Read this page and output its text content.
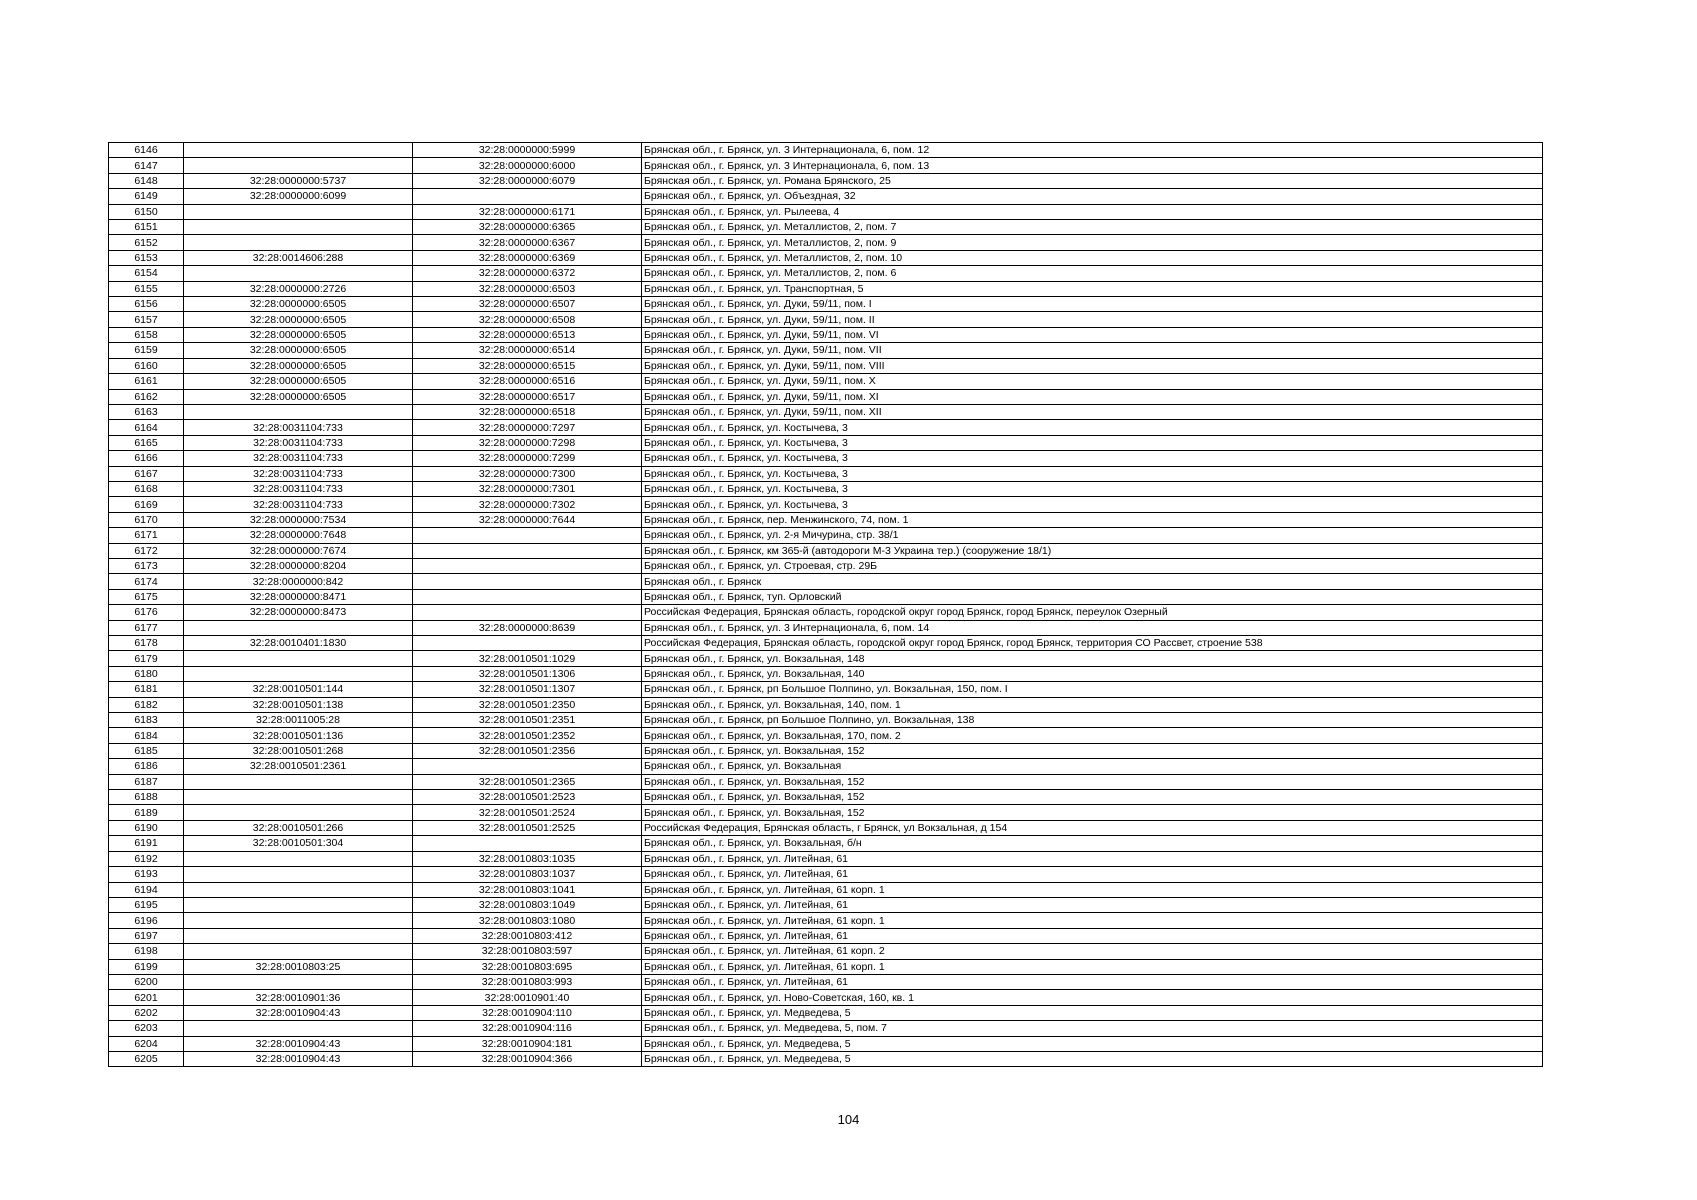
6146		32:28:0000000:5999	Брянская обл., г. Брянск, ул. 3 Интернационала, 6, пом. 12
6147		32:28:0000000:6000	Брянская обл., г. Брянск, ул. 3 Интернационала, 6, пом. 13
6148	32:28:0000000:5737	32:28:0000000:6079	Брянская обл., г. Брянск, ул. Романа Брянского, 25
6149	32:28:0000000:6099		Брянская обл., г. Брянск, ул. Объездная, 32
6150		32:28:0000000:6171	Брянская обл., г. Брянск, ул. Рылеева, 4
6151		32:28:0000000:6365	Брянская обл., г. Брянск, ул. Металлистов, 2, пом. 7
6152		32:28:0000000:6367	Брянская обл., г. Брянск, ул. Металлистов, 2, пом. 9
6153	32:28:0014606:288	32:28:0000000:6369	Брянская обл., г. Брянск, ул. Металлистов, 2, пом. 10
6154		32:28:0000000:6372	Брянская обл., г. Брянск, ул. Металлистов, 2, пом. 6
6155	32:28:0000000:2726	32:28:0000000:6503	Брянская обл., г. Брянск, ул. Транспортная, 5
6156	32:28:0000000:6505	32:28:0000000:6507	Брянская обл., г. Брянск, ул. Дуки, 59/11, пом. I
6157	32:28:0000000:6505	32:28:0000000:6508	Брянская обл., г. Брянск, ул. Дуки, 59/11, пом. II
6158	32:28:0000000:6505	32:28:0000000:6513	Брянская обл., г. Брянск, ул. Дуки, 59/11, пом. VI
6159	32:28:0000000:6505	32:28:0000000:6514	Брянская обл., г. Брянск, ул. Дуки, 59/11, пом. VII
6160	32:28:0000000:6505	32:28:0000000:6515	Брянская обл., г. Брянск, ул. Дуки, 59/11, пом. VIII
6161	32:28:0000000:6505	32:28:0000000:6516	Брянская обл., г. Брянск, ул. Дуки, 59/11, пом. X
6162	32:28:0000000:6505	32:28:0000000:6517	Брянская обл., г. Брянск, ул. Дуки, 59/11, пом. XI
6163		32:28:0000000:6518	Брянская обл., г. Брянск, ул. Дуки, 59/11, пом. XII
6164	32:28:0031104:733	32:28:0000000:7297	Брянская обл., г. Брянск, ул. Костычева, 3
6165	32:28:0031104:733	32:28:0000000:7298	Брянская обл., г. Брянск, ул. Костычева, 3
6166	32:28:0031104:733	32:28:0000000:7299	Брянская обл., г. Брянск, ул. Костычева, 3
6167	32:28:0031104:733	32:28:0000000:7300	Брянская обл., г. Брянск, ул. Костычева, 3
6168	32:28:0031104:733	32:28:0000000:7301	Брянская обл., г. Брянск, ул. Костычева, 3
6169	32:28:0031104:733	32:28:0000000:7302	Брянская обл., г. Брянск, ул. Костычева, 3
6170	32:28:0000000:7534	32:28:0000000:7644	Брянская обл., г. Брянск, пер. Менжинского, 74, пом. 1
6171	32:28:0000000:7648		Брянская обл., г. Брянск, ул. 2-я Мичурина, стр. 38/1
6172	32:28:0000000:7674		Брянская обл., г. Брянск, км 365-й (автодороги М-3 Украина тер.) (сооружение 18/1)
6173	32:28:0000000:8204		Брянская обл., г. Брянск, ул. Строевая, стр. 29Б
6174	32:28:0000000:842		Брянская обл., г. Брянск
6175	32:28:0000000:8471		Брянская обл., г. Брянск, туп. Орловский
6176	32:28:0000000:8473		Российская Федерация, Брянская область, городской округ город Брянск, город Брянск, переулок Озерный
6177		32:28:0000000:8639	Брянская обл., г. Брянск, ул. 3 Интернационала, 6, пом. 14
6178	32:28:0010401:1830		Российская Федерация, Брянская область, городской округ город Брянск, город Брянск, территория СО Рассвет, строение 538
6179		32:28:0010501:1029	Брянская обл., г. Брянск, ул. Вокзальная, 148
6180		32:28:0010501:1306	Брянская обл., г. Брянск, ул. Вокзальная, 140
6181	32:28:0010501:144	32:28:0010501:1307	Брянская обл., г. Брянск, рп Большое Полпино, ул. Вокзальная, 150, пом. I
6182	32:28:0010501:138	32:28:0010501:2350	Брянская обл., г. Брянск, ул. Вокзальная, 140, пом. 1
6183	32:28:0011005:28	32:28:0010501:2351	Брянская обл., г. Брянск, рп Большое Полпино, ул. Вокзальная, 138
6184	32:28:0010501:136	32:28:0010501:2352	Брянская обл., г. Брянск, ул. Вокзальная, 170, пом. 2
6185	32:28:0010501:268	32:28:0010501:2356	Брянская обл., г. Брянск, ул. Вокзальная, 152
6186	32:28:0010501:2361		Брянская обл., г. Брянск, ул. Вокзальная
6187		32:28:0010501:2365	Брянская обл., г. Брянск, ул. Вокзальная, 152
6188		32:28:0010501:2523	Брянская обл., г. Брянск, ул. Вокзальная, 152
6189		32:28:0010501:2524	Брянская обл., г. Брянск, ул. Вокзальная, 152
6190	32:28:0010501:266	32:28:0010501:2525	Российская Федерация, Брянская область, г Брянск, ул Вокзальная, д 154
6191	32:28:0010501:304		Брянская обл., г. Брянск, ул. Вокзальная, б/н
6192		32:28:0010803:1035	Брянская обл., г. Брянск, ул. Литейная, 61
6193		32:28:0010803:1037	Брянская обл., г. Брянск, ул. Литейная, 61
6194		32:28:0010803:1041	Брянская обл., г. Брянск, ул. Литейная, 61 корп. 1
6195		32:28:0010803:1049	Брянская обл., г. Брянск, ул. Литейная, 61
6196		32:28:0010803:1080	Брянская обл., г. Брянск, ул. Литейная, 61 корп. 1
6197		32:28:0010803:412	Брянская обл., г. Брянск, ул. Литейная, 61
6198		32:28:0010803:597	Брянская обл., г. Брянск, ул. Литейная, 61 корп. 2
6199	32:28:0010803:25	32:28:0010803:695	Брянская обл., г. Брянск, ул. Литейная, 61 корп. 1
6200		32:28:0010803:993	Брянская обл., г. Брянск, ул. Литейная, 61
6201	32:28:0010901:36	32:28:0010901:40	Брянская обл., г. Брянск, ул. Ново-Советская, 160, кв. 1
6202	32:28:0010904:43	32:28:0010904:110	Брянская обл., г. Брянск, ул. Медведева, 5
6203		32:28:0010904:116	Брянская обл., г. Брянск, ул. Медведева, 5, пом. 7
6204	32:28:0010904:43	32:28:0010904:181	Брянская обл., г. Брянск, ул. Медведева, 5
6205	32:28:0010904:43	32:28:0010904:366	Брянская обл., г. Брянск, ул. Медведева, 5
104
